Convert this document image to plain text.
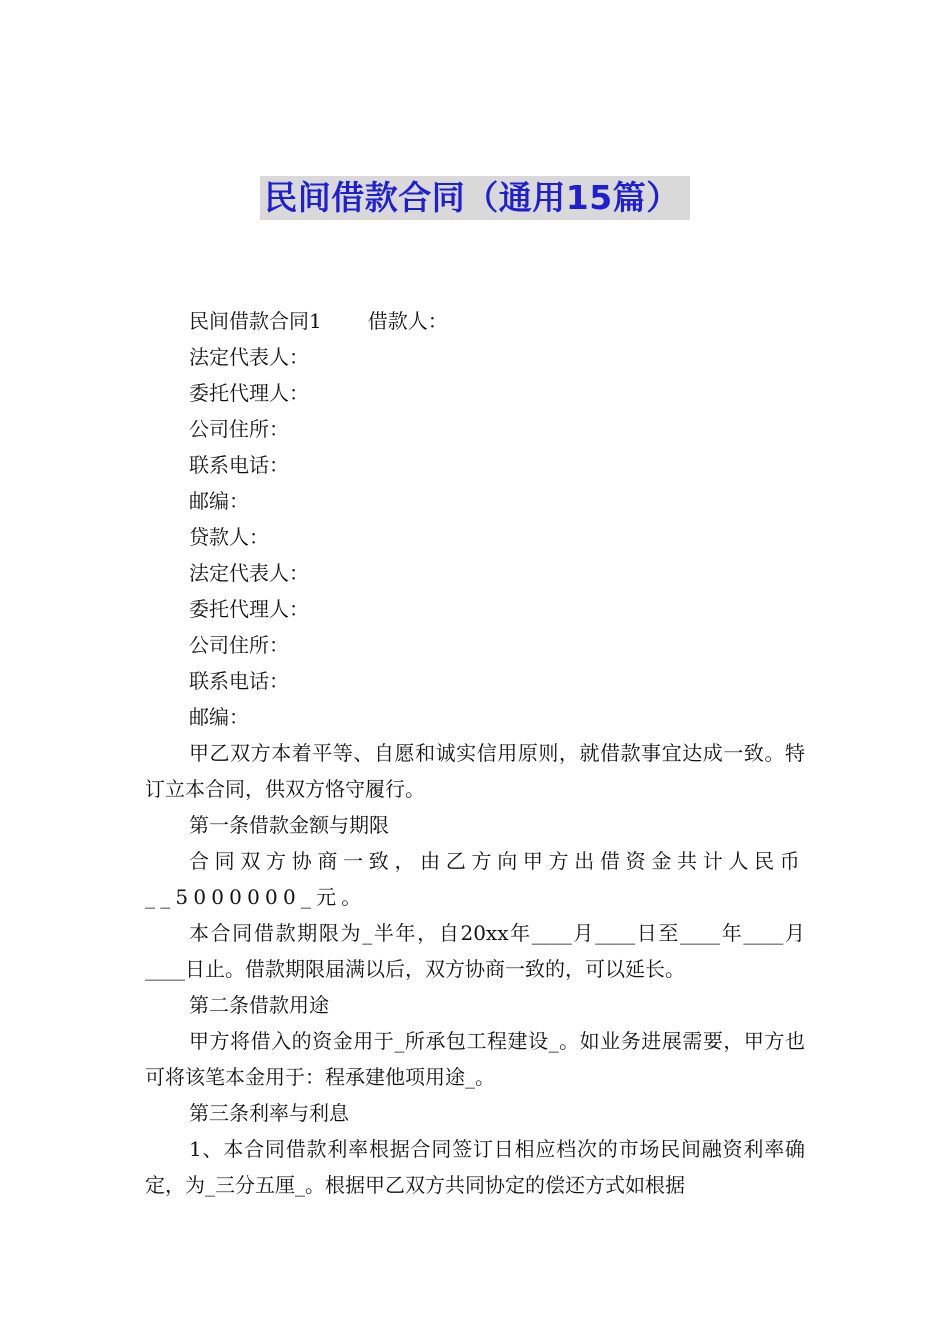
民间借款合同（通用15篇）

民间借款合同1 借款人：

法定代表人：

委托代理人：

公司住所：

联系电话：

邮编：

贷款人：

法定代表人：

委托代理人：

公司住所：

联系电话：

邮编：

甲乙双方本着平等、自愿和诚实信用原则，就借款事宜达成一致。特订立本合同，供双方恪守履行。

第一条借款金额与期限

合同双方协商一致，由乙方向甲方出借资金共计人民币__5000000_元。

本合同借款期限为_半年，自20xx年____月____日至____年____月____日止。借款期限届满以后，双方协商一致的，可以延长。

第二条借款用途

甲方将借入的资金用于_所承包工程建设_。如业务进展需要，甲方也可将该笔本金用于：程承建他项用途_。

第三条利率与利息

1、本合同借款利率根据合同签订日相应档次的市场民间融资利率确定，为_三分五厘_。根据甲乙双方共同协定的偿还方式如根据
